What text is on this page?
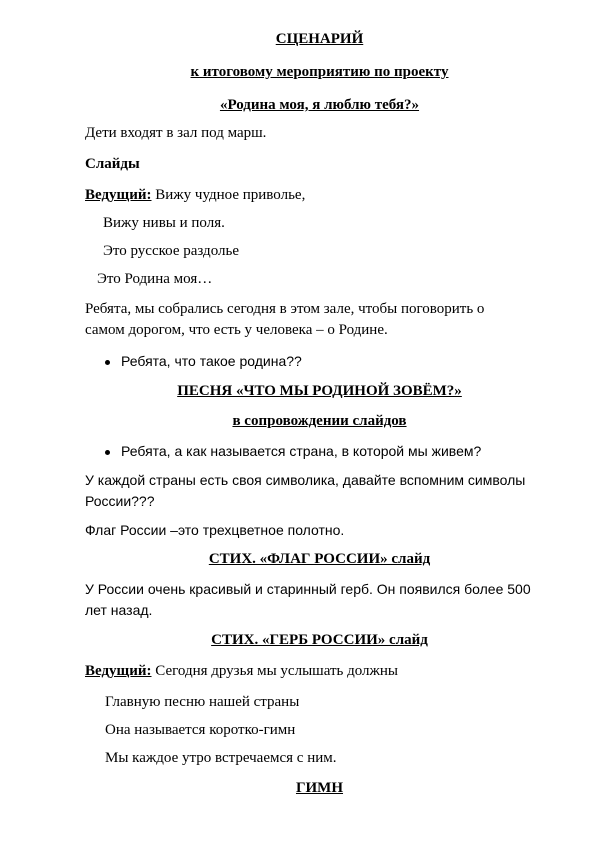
СЦЕНАРИЙ
к итоговому мероприятию по проекту
«Родина моя, я люблю тебя?»
Дети входят в зал под марш.
Слайды
Ведущий: Вижу чудное приволье,
Вижу нивы и поля.
Это русское раздолье
Это Родина моя…
Ребята, мы собрались сегодня в этом зале, чтобы поговорить о
самом дорогом, что есть у человека – о Родине.
Ребята, что такое родина??
ПЕСНЯ «ЧТО МЫ РОДИНОЙ ЗОВЁМ?»
в сопровождении слайдов
Ребята, а как называется страна, в которой мы живем?
У каждой страны есть своя символика, давайте вспомним символы
России???
Флаг России –это трехцветное полотно.
СТИХ. «ФЛАГ РОССИИ» слайд
У России очень красивый и старинный герб. Он появился более 500
лет назад.
СТИХ. «ГЕРБ РОССИИ» слайд
Ведущий: Сегодня друзья мы услышать должны
Главную песню нашей страны
Она называется коротко-гимн
Мы каждое утро встречаемся с ним.
ГИМН
